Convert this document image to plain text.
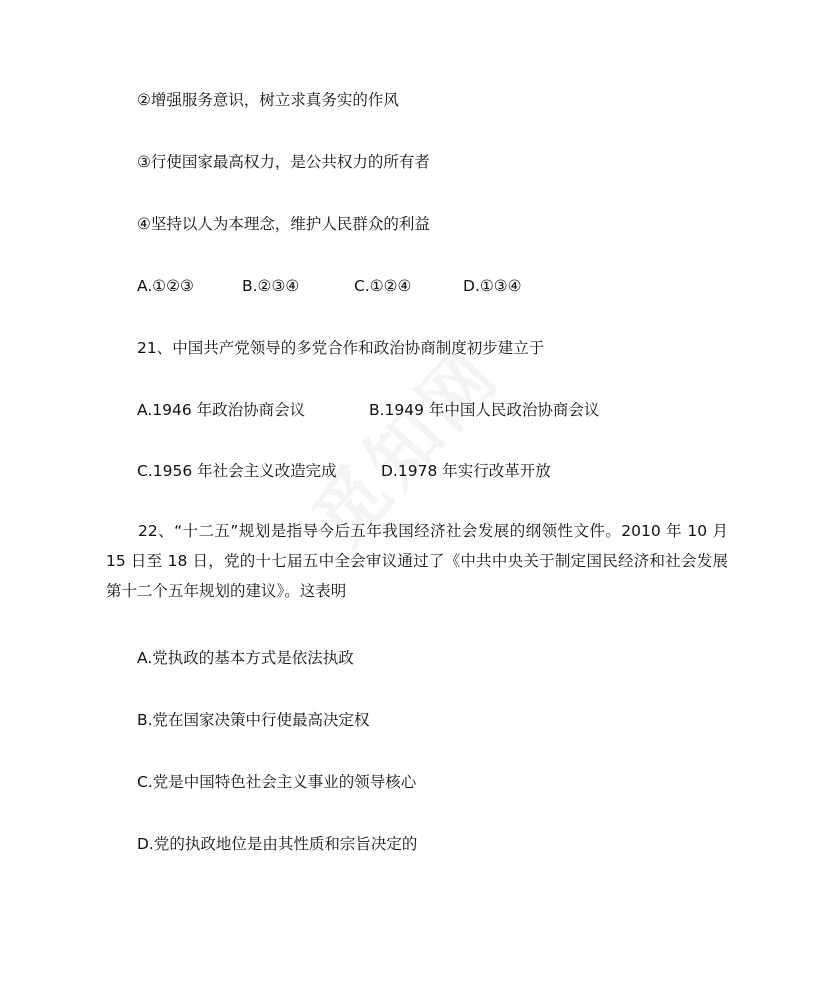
②增强服务意识，树立求真务实的作风
③行使国家最高权力，是公共权力的所有者
④坚持以人为本理念，维护人民群众的利益
A.①②③	B.②③④	C.①②④	D.①③④
21、中国共产党领导的多党合作和政治协商制度初步建立于
A.1946 年政治协商会议	B.1949 年中国人民政治协商会议
C.1956 年社会主义改造完成	D.1978 年实行改革开放
22、“十二五”规划是指导今后五年我国经济社会发展的纲领性文件。2010 年 10 月 15 日至 18 日，党的十七届五中全会审议通过了《中共中央关于制定国民经济和社会发展第十二个五年规划的建议》。这表明
A.党执政的基本方式是依法执政
B.党在国家决策中行使最高决定权
C.党是中国特色社会主义事业的领导核心
D.党的执政地位是由其性质和宗旨决定的
